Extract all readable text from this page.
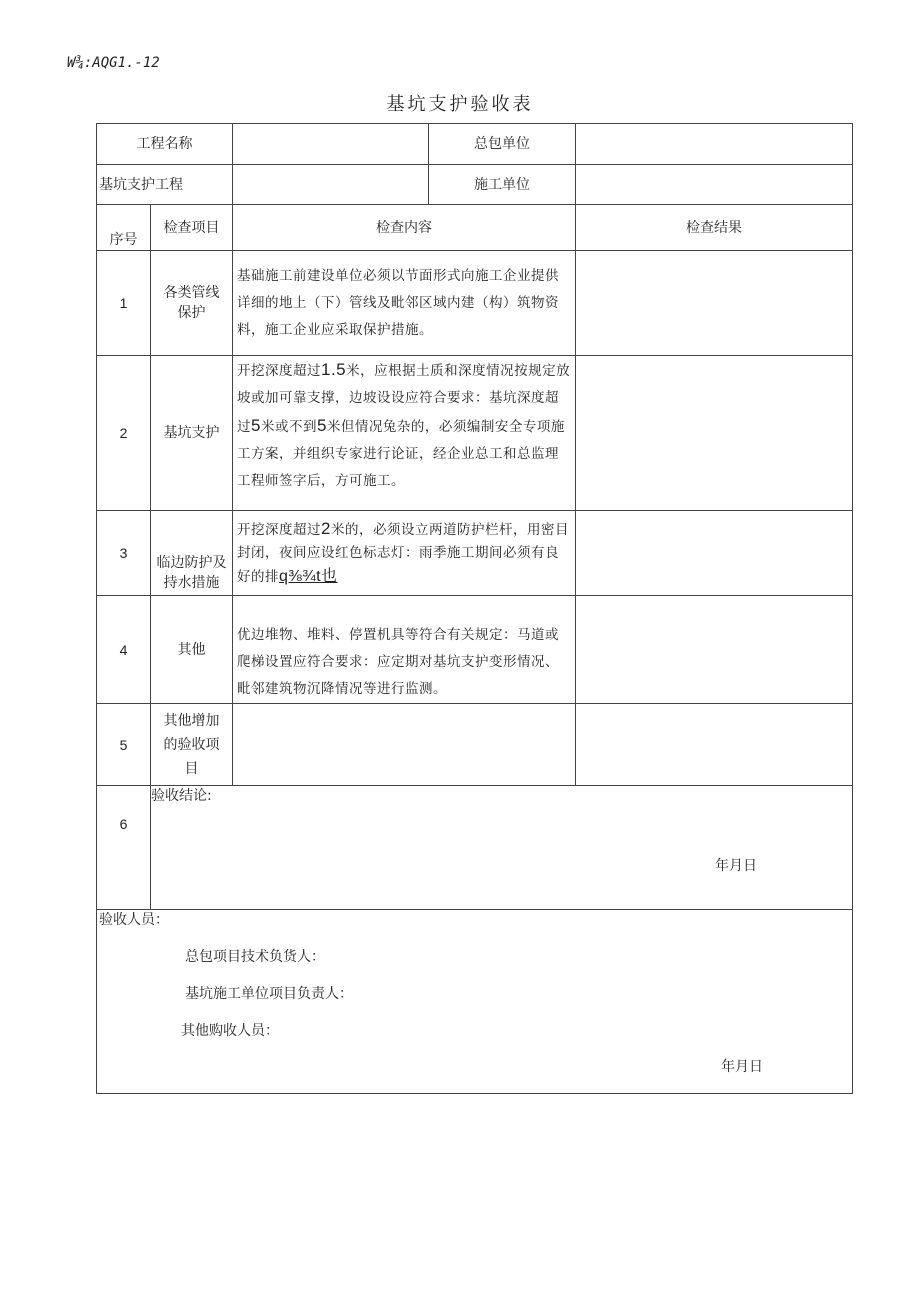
W¾:AQG1.-12
基坑支护验收表
工程名称			总包单位	
基坑支护工程			施工单位	
序号	检查项目	检查内容		检查结果
1	各类管线保护	基础施工前建设单位必须以节面形式向施工企业提供详细的地上（下）管线及毗邻区域内建（构）筑物资料，施工企业应采取保护措施。		
2	基坑支护	开挖深度超过1.5米，应根据土质和深度情况按规定放坡或加可靠支撑，边坡设设应符合要求：基坑深度超过5米或不到5米但情况兔杂的，必须编制安全专项施工方案，并组织专家进行论证，经企业总工和总监理工程师签字后，方可施工。		
3	临边防护及持水措施	开挖深度超过2米的，必须设立两道防护栏杆，用密目封闭，夜间应设红色标志灯：雨季施工期间必须有良好的排q⅜¾t也		
4	其他	优边堆物、堆料、停置机具等符合有关规定：马道或爬梯设置应符合要求：应定期对基坑支护变形情况、毗邻建筑物沉降情况等进行监测。		
5	其他增加的验收项目			
6	验收结论:
年月日			

验收人员：
总包项目技术负货人：
基坑施工单位项目负责人：
其他购收人员：
年月日				
